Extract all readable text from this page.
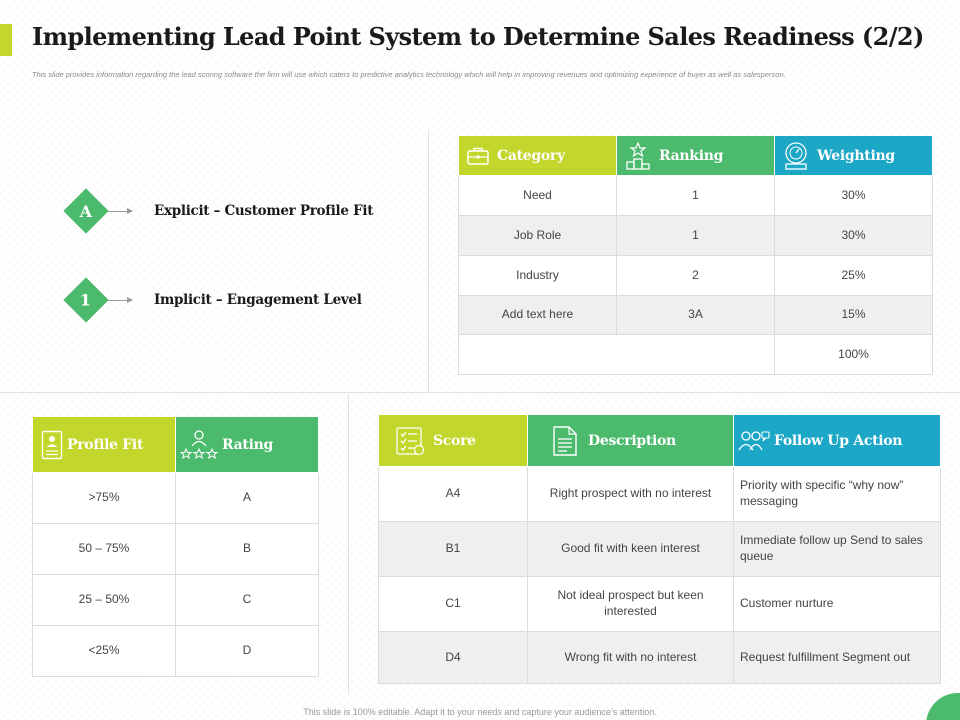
Implementing Lead Point System to Determine Sales Readiness (2/2)

This slide provides information regarding the lead scoring software the firm will use which caters to predictive analytics technology which will help in improving revenues and optimizing experience of buyer as well as salesperson.

A	Explicit – Customer Profile Fit
1	Implicit – Engagement Level
Category	Ranking	Weighting

Need	1	30%
Job Role	1	30%
Industry	2	25%
Add text here	3A	15%
		100%
Profile Fit	Rating

>75%	A
50 – 75%	B
25 – 50%	C
<25%	D
Score	Description	Follow Up Action

A4	Right prospect with no interest	Priority with specific “why now” messaging
B1	Good fit with keen interest	Immediate follow up Send to sales queue
C1	Not ideal prospect but keen interested	Customer nurture
D4	Wrong fit with no interest	Request fulfillment Segment out

This slide is 100% editable. Adapt it to your needs and capture your audience’s attention.
